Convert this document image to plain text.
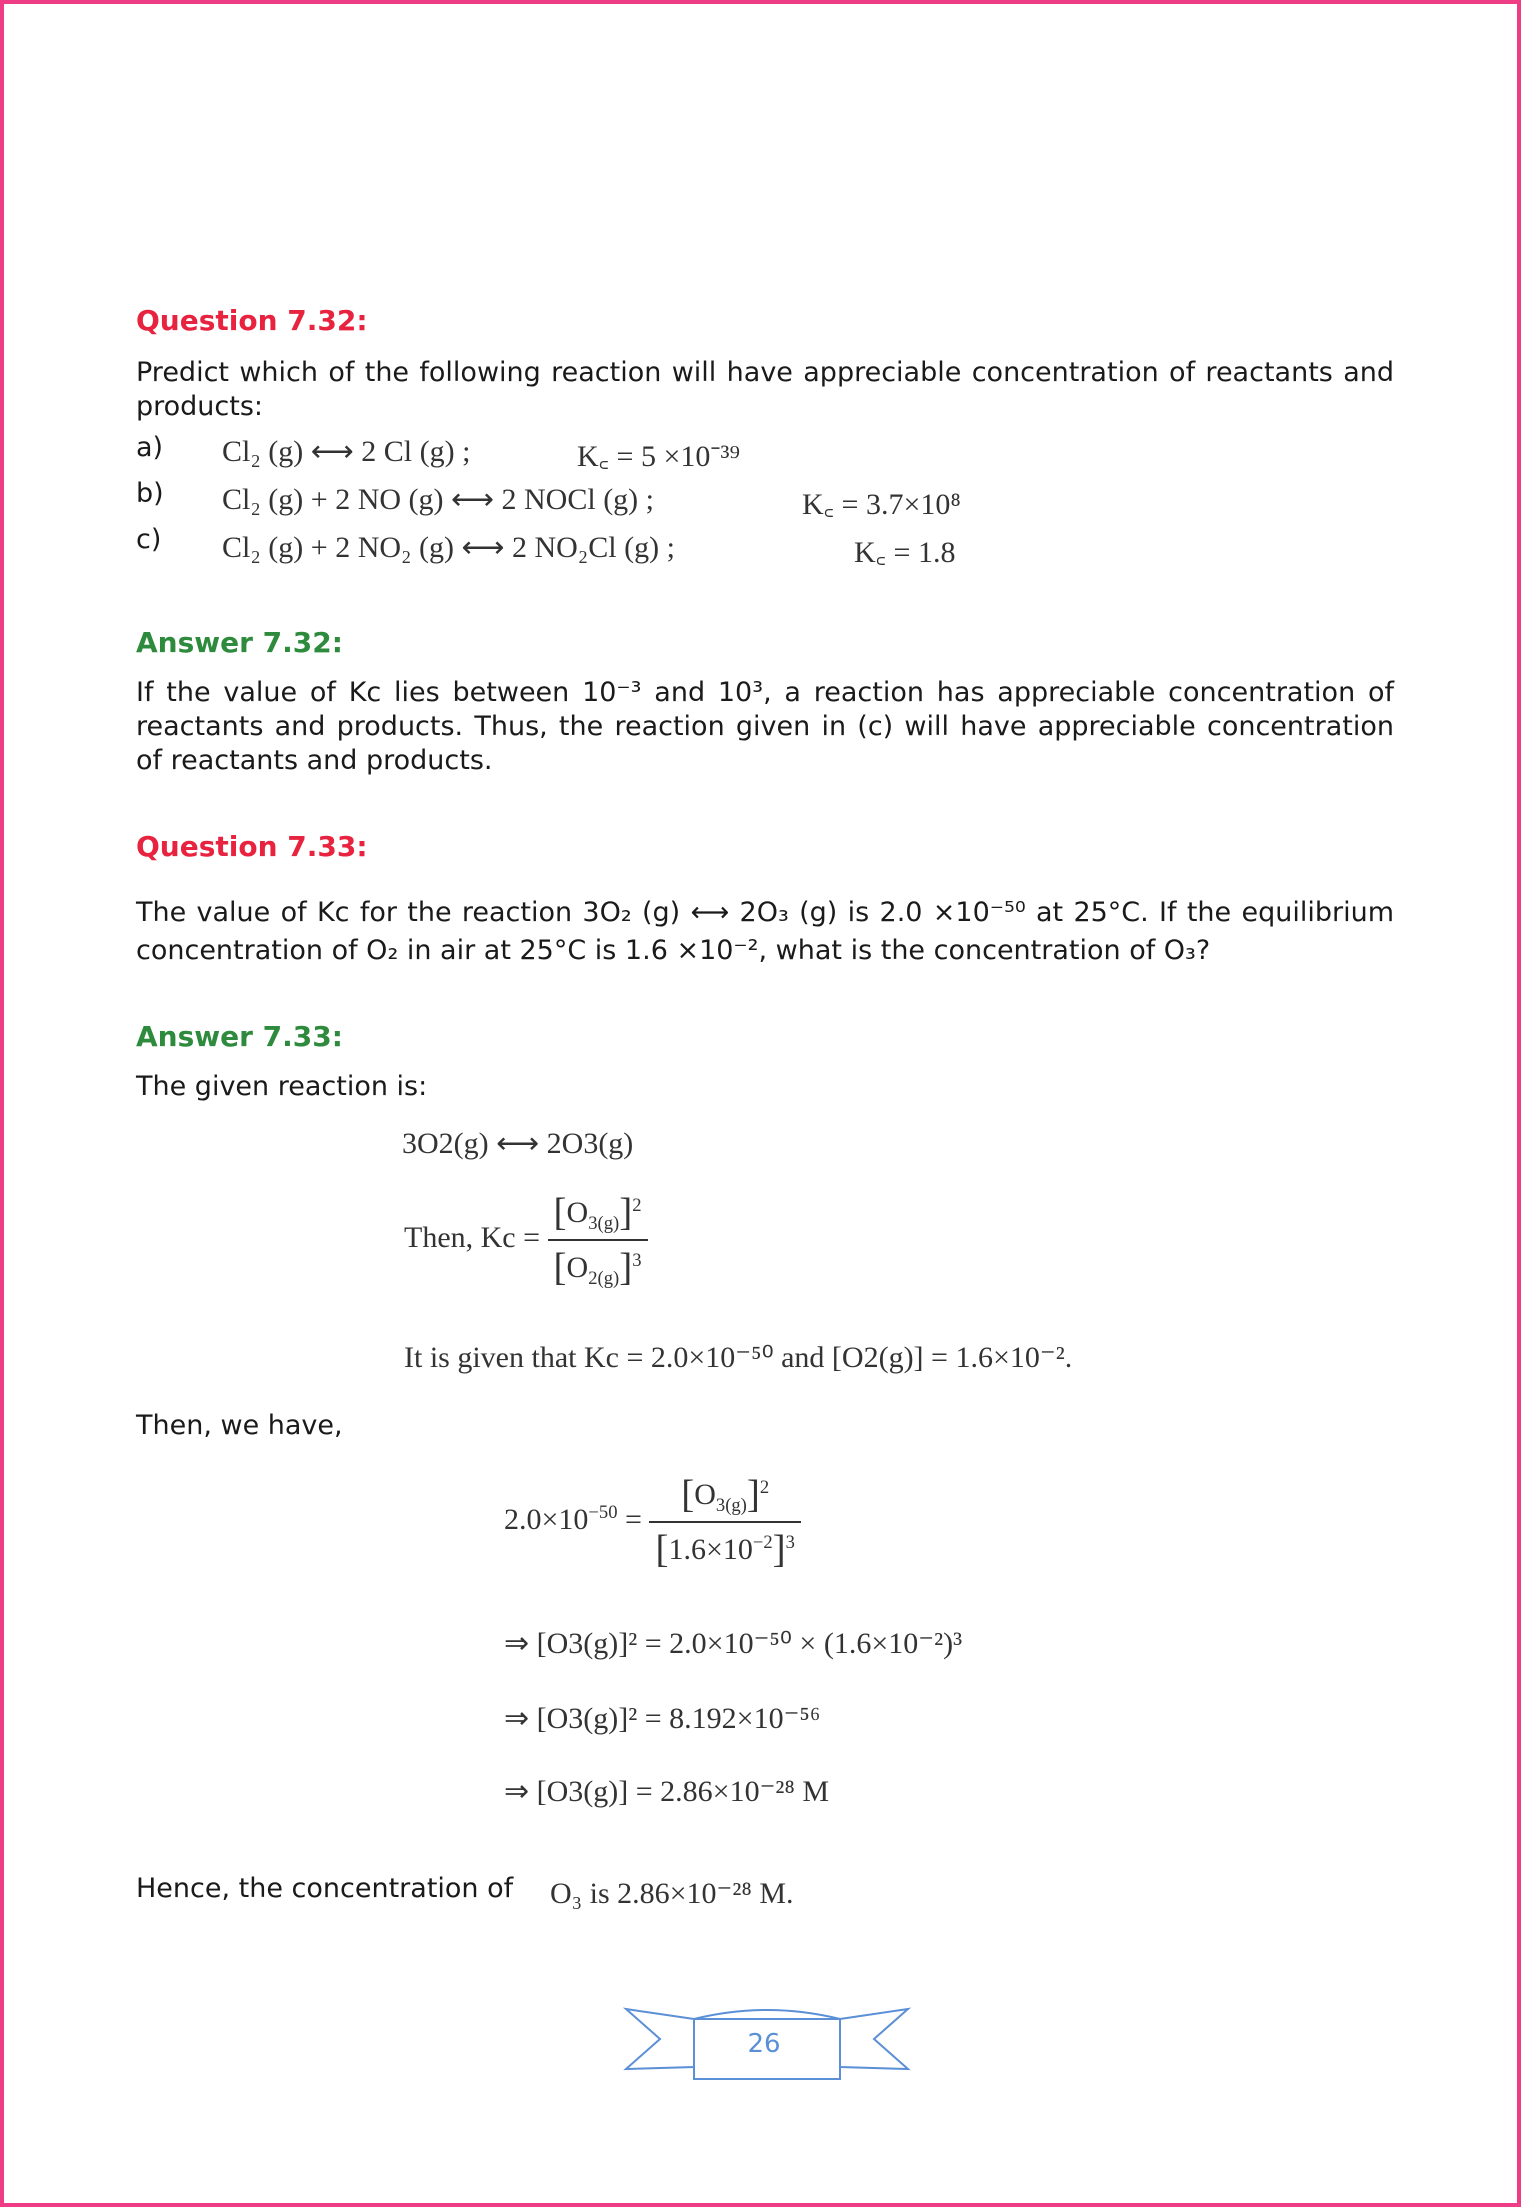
Question 7.32:
Predict which of the following reaction will have appreciable concentration of reactants and products:
a) Cl₂ (g) ⟷ 2 Cl (g) ;	K꜀ = 5 ×10⁻³⁹
b) Cl₂ (g) + 2 NO (g) ⟷ 2 NOCl (g) ;	K꜀ = 3.7×10⁸
c) Cl₂ (g) + 2 NO₂ (g) ⟷ 2 NO₂Cl (g) ;	K꜀ = 1.8
Answer 7.32:
If the value of Kc lies between 10⁻³ and 10³, a reaction has appreciable concentration of reactants and products. Thus, the reaction given in (c) will have appreciable concentration of reactants and products.
Question 7.33:
The value of Kc for the reaction 3O₂ (g) ⟷ 2O₃ (g) is 2.0 ×10⁻⁵⁰ at 25°C. If the equilibrium concentration of O₂ in air at 25°C is 1.6 ×10⁻², what is the concentration of O₃?
Answer 7.33:
The given reaction is:
3O2(g) ⟷ 2O3(g)
Then, $Kc = \frac{[O_{3(g)}]^2}{[O_{2(g)}]^3}$
It is given that Kc = 2.0×10⁻⁵⁰ and [O2(g)] = 1.6×10⁻².
Then, we have,
$2.0\times 10^{-50} = \frac{[O_{3(g)}]^2}{[1.6\times 10^{-2}]^3}$
⇒ [O3(g)]² = 2.0×10⁻⁵⁰ × (1.6×10⁻²)³
⇒ [O3(g)]² = 8.192×10⁻⁵⁶
⇒ [O3(g)] = 2.86×10⁻²⁸ M
Hence, the concentration of O₃ is 2.86×10⁻²⁸ M.
26
